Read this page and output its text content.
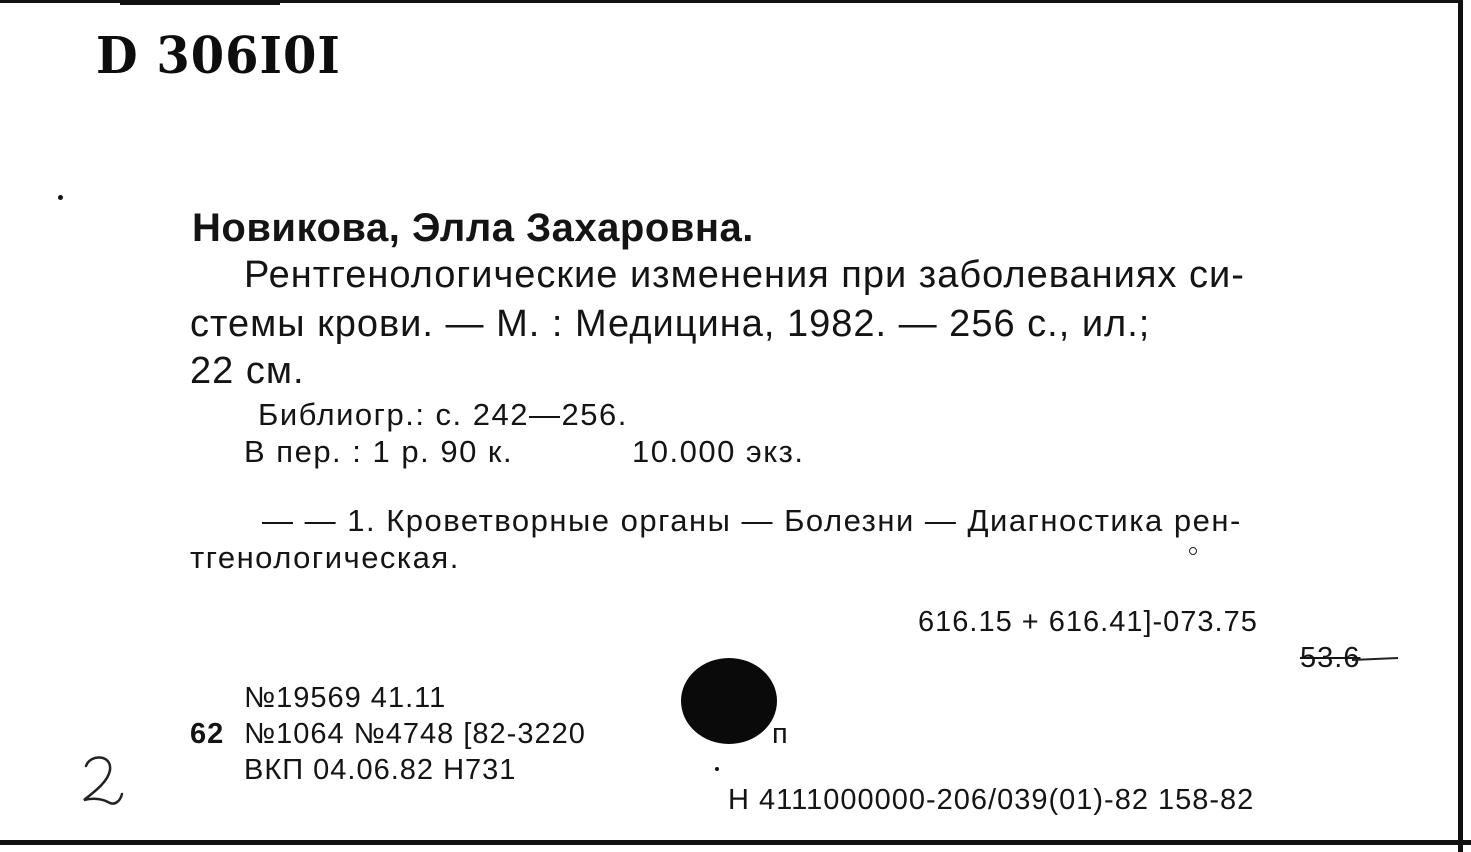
D 306I0I
Новикова, Элла Захаровна.
Рентгенологические изменения при заболеваниях си-
стемы крови. — М. : Медицина, 1982. — 256 с., ил.;
22 см.
Библиогр.: с. 242—256.
В пер. : 1 р. 90 к.	10.000 экз.
— — 1. Кроветворные органы — Болезни — Диагностика рен-
тгенологическая.
616.15 + 616.41]-073.75
53.6
№19569 41.11
62 №1064 №4748 [82-3220	п
ВКП 04.06.82 Н731
Н 4111000000-206/039(01)-82 158-82
